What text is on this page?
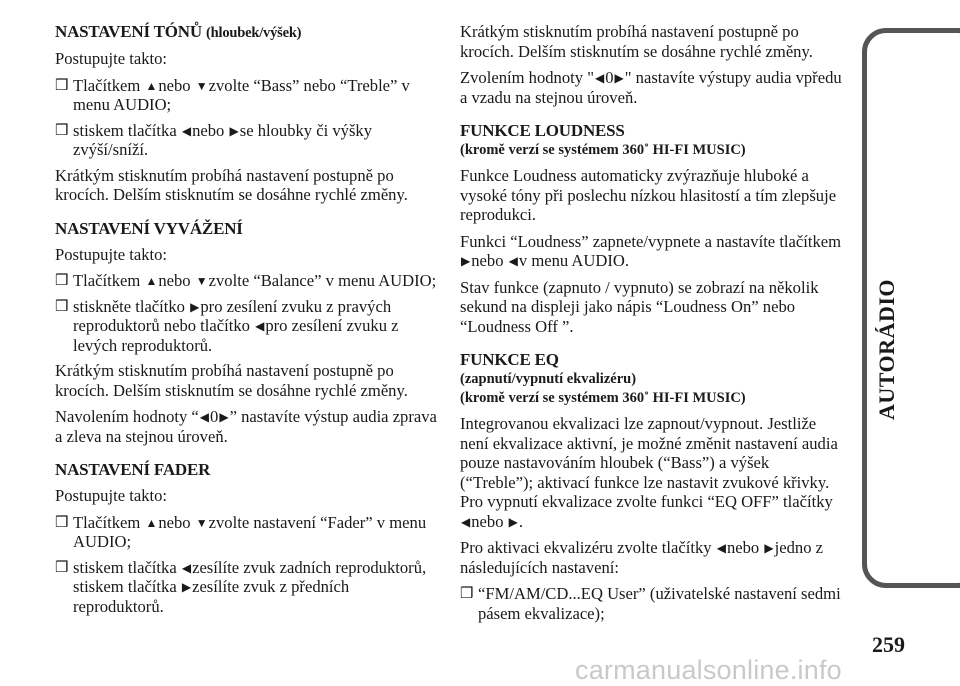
NASTAVENÍ TÓNŮ (hloubek/výšek)

Postupujte takto:

❒ Tlačítkem ▲nebo ▼zvolte “Bass” nebo “Treble” v menu AUDIO;
❒ stiskem tlačítka ◀nebo ▶se hloubky či výšky zvýší/sníží.

Krátkým stisknutím probíhá nastavení postupně po krocích. Delším stisknutím se dosáhne rychlé změny.

NASTAVENÍ VYVÁŽENÍ

Postupujte takto:

❒ Tlačítkem ▲nebo ▼zvolte “Balance” v menu AUDIO;
❒ stiskněte tlačítko ▶pro zesílení zvuku z pravých reproduktorů nebo tlačítko ◀pro zesílení zvuku z levých reproduktorů.

Krátkým stisknutím probíhá nastavení postupně po krocích. Delším stisknutím se dosáhne rychlé změny.

Navolením hodnoty “◀0▶” nastavíte výstup audia zprava a zleva na stejnou úroveň.

NASTAVENÍ FADER

Postupujte takto:

❒ Tlačítkem ▲nebo ▼zvolte nastavení “Fader” v menu AUDIO;
❒ stiskem tlačítka ◀zesílíte zvuk zadních reproduktorů, stiskem tlačítka ▶zesílíte zvuk z předních reproduktorů.

Krátkým stisknutím probíhá nastavení postupně po krocích. Delším stisknutím se dosáhne rychlé změny.

Zvolením hodnoty "◀0▶" nastavíte výstupy audia vpředu a vzadu na stejnou úroveň.

FUNKCE LOUDNESS
(kromě verzí se systémem 360˚ HI-FI MUSIC)

Funkce Loudness automaticky zvýrazňuje hluboké a vysoké tóny při poslechu nízkou hlasitostí a tím zlepšuje reprodukci.

Funkci “Loudness” zapnete/vypnete a nastavíte tlačítkem ▶nebo ◀v menu AUDIO.

Stav funkce (zapnuto / vypnuto) se zobrazí na několik sekund na displeji jako nápis “Loudness On” nebo “Loudness Off ”.

FUNKCE EQ
(zapnutí/vypnutí ekvalizéru)
(kromě verzí se systémem 360˚ HI-FI MUSIC)

Integrovanou ekvalizaci lze zapnout/vypnout. Jestliže není ekvalizace aktivní, je možné změnit nastavení audia pouze nastavováním hloubek (“Bass”) a výšek (“Treble”); aktivací funkce lze nastavit zvukové křivky. Pro vypnutí ekvalizace zvolte funkci “EQ OFF” tlačítky ◀nebo ▶.

Pro aktivaci ekvalizéru zvolte tlačítky ◀nebo ▶jedno z následujících nastavení:

❒ “FM/AM/CD...EQ User” (uživatelské nastavení sedmi pásem ekvalizace);
AUTORÁDIO
259
carmanualsonline.info
